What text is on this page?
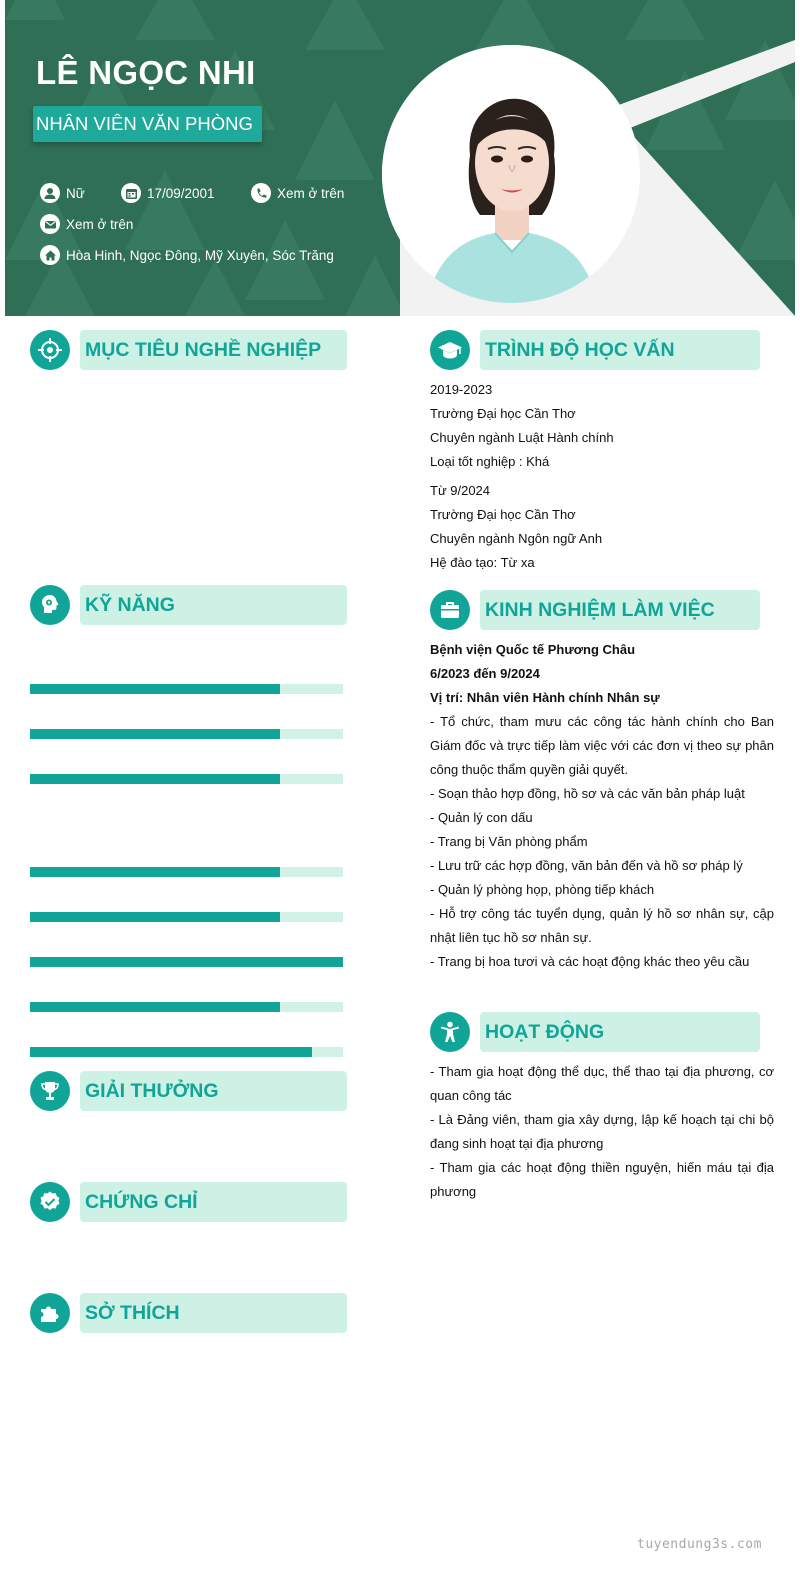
LÊ NGỌC NHI
NHÂN VIÊN VĂN PHÒNG
Nữ	17/09/2001	Xem ở trên
Xem ở trên
Hòa Hinh, Ngọc Đông, Mỹ Xuyên, Sóc Trăng
MỤC TIÊU NGHỀ NGHIỆP
KỸ NĂNG
GIẢI THƯỞNG
CHỨNG CHỈ
SỞ THÍCH
TRÌNH ĐỘ HỌC VẤN
2019-2023
Trường Đại học Cần Thơ
Chuyên ngành Luật Hành chính
Loại tốt nghiệp : Khá
Từ 9/2024
Trường Đại học Cần Thơ
Chuyên ngành Ngôn ngữ Anh
Hệ đào tạo: Từ xa
KINH NGHIỆM LÀM VIỆC
Bệnh viện Quốc tế Phương Châu
6/2023 đến 9/2024
Vị trí: Nhân viên Hành chính Nhân sự
- Tổ chức, tham mưu các công tác hành chính cho Ban Giám đốc và trực tiếp làm việc với các đơn vị theo sự phân công thuộc thẩm quyền giải quyết.
- Soạn thảo hợp đồng, hồ sơ và các văn bản pháp luật
- Quản lý con dấu
- Trang bị Văn phòng phẩm
- Lưu trữ các hợp đồng, văn bản đến và hồ sơ pháp lý
- Quản lý phòng họp, phòng tiếp khách
- Hỗ trợ công tác tuyển dụng, quản lý hồ sơ nhân sự, cập nhật liên tục hồ sơ nhân sự.
- Trang bị hoa tươi và các hoạt động khác theo yêu cầu
HOẠT ĐỘNG
- Tham gia hoạt động thể dục, thể thao tại địa phương, cơ quan công tác
- Là Đảng viên, tham gia xây dựng, lập kế hoạch tại chi bộ đang sinh hoạt tại địa phương
- Tham gia các hoạt động thiền nguyện, hiến máu tại địa phương
tuyendung3s.com
